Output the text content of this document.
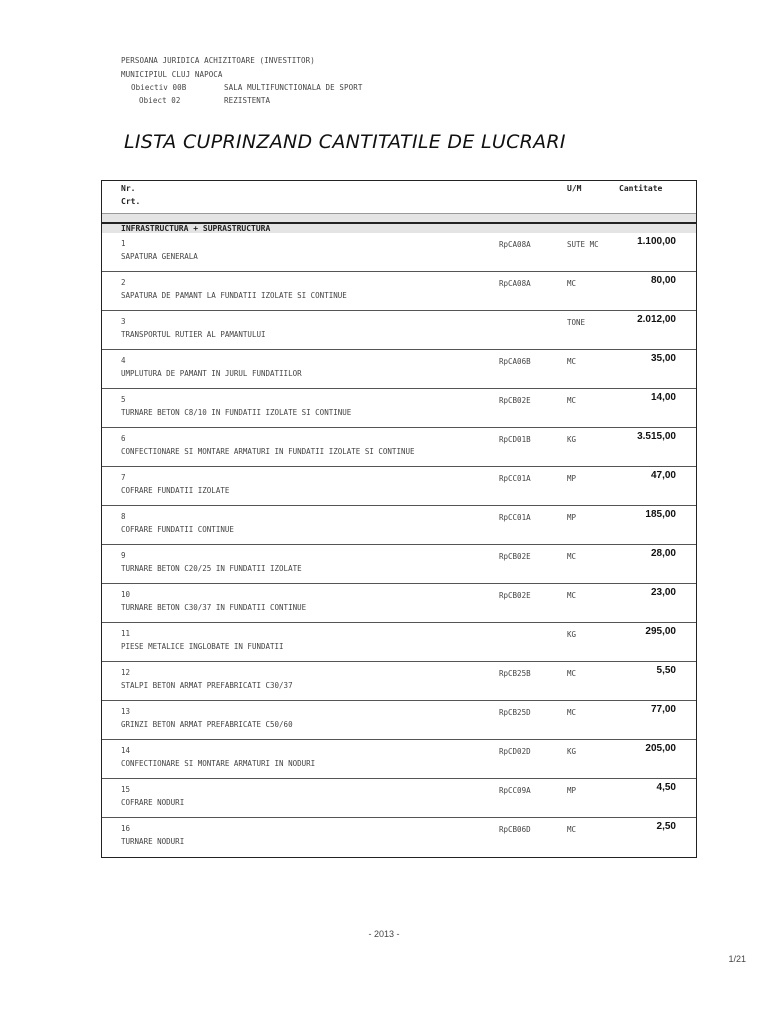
PERSOANA JURIDICA ACHIZITOARE (INVESTITOR)
MUNICIPIUL CLUJ NAPOCA
Obiectiv 00B	SALA MULTIFUNCTIONALA DE SPORT
Obiect 02	REZISTENTA
LISTA CUPRINZAND CANTITATILE DE LUCRARI
Nr.
Crt.
U/M	Cantitate
INFRASTRUCTURA + SUPRASTRUCTURA
1
SAPATURA GENERALA
RpCA08A	SUTE MC	1.100,00
2
SAPATURA DE PAMANT LA FUNDATII IZOLATE SI CONTINUE
RpCA08A	MC	80,00
3
TRANSPORTUL RUTIER AL PAMANTULUI
TONE	2.012,00
4
UMPLUTURA DE PAMANT IN JURUL FUNDATIILOR
RpCA06B	MC	35,00
5
TURNARE BETON C8/10 IN FUNDATII IZOLATE SI CONTINUE
RpCB02E	MC	14,00
6
CONFECTIONARE SI MONTARE ARMATURI IN FUNDATII IZOLATE SI CONTINUE
RpCD01B	KG	3.515,00
7
COFRARE FUNDATII IZOLATE
RpCC01A	MP	47,00
8
COFRARE FUNDATII CONTINUE
RpCC01A	MP	185,00
9
TURNARE BETON C20/25 IN FUNDATII IZOLATE
RpCB02E	MC	28,00
10
TURNARE BETON C30/37 IN FUNDATII CONTINUE
RpCB02E	MC	23,00
11
PIESE METALICE INGLOBATE IN FUNDATII
KG	295,00
12
STALPI BETON ARMAT PREFABRICATI C30/37
RpCB25B	MC	5,50
13
GRINZI BETON ARMAT PREFABRICATE C50/60
RpCB25D	MC	77,00
14
CONFECTIONARE SI MONTARE ARMATURI IN NODURI
RpCD02D	KG	205,00
15
COFRARE NODURI
RpCC09A	MP	4,50
16
TURNARE NODURI
RpCB06D	MC	2,50
- 2013 -
1/21
